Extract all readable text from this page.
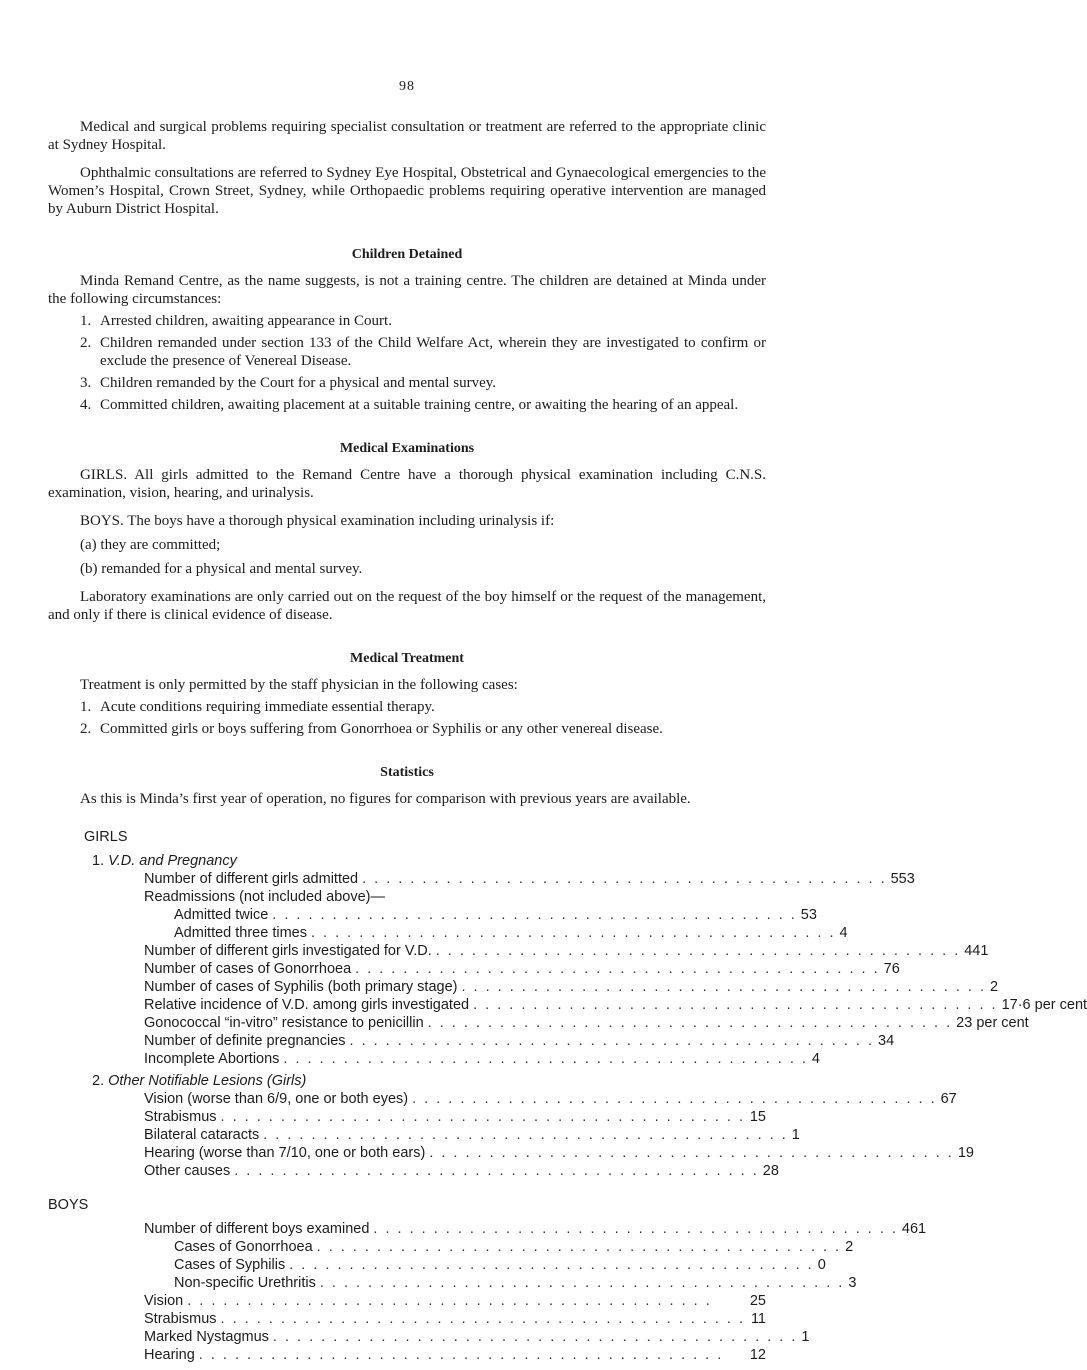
98

Medical and surgical problems requiring specialist consultation or treatment are referred to the appropriate clinic at Sydney Hospital.

Ophthalmic consultations are referred to Sydney Eye Hospital, Obstetrical and Gynaecological emergencies to the Women’s Hospital, Crown Street, Sydney, while Orthopaedic problems requiring operative intervention are managed by Auburn District Hospital.

Children Detained

Minda Remand Centre, as the name suggests, is not a training centre. The children are detained at Minda under the following circumstances:

1. Arrested children, awaiting appearance in Court.
2. Children remanded under section 133 of the Child Welfare Act, wherein they are investigated to confirm or exclude the presence of Venereal Disease.
3. Children remanded by the Court for a physical and mental survey.
4. Committed children, awaiting placement at a suitable training centre, or awaiting the hearing of an appeal.
Medical Examinations

GIRLS. All girls admitted to the Remand Centre have a thorough physical examination including C.N.S. examination, vision, hearing, and urinalysis.

BOYS. The boys have a thorough physical examination including urinalysis if:

(a) they are committed;

(b) remanded for a physical and mental survey.

Laboratory examinations are only carried out on the request of the boy himself or the request of the management, and only if there is clinical evidence of disease.

Medical Treatment

Treatment is only permitted by the staff physician in the following cases:

1. Acute conditions requiring immediate essential therapy.
2. Committed girls or boys suffering from Gonorrhoea or Syphilis or any other venereal disease.
Statistics

As this is Minda’s first year of operation, no figures for comparison with previous years are available.

GIRLS
1. V.D. and Pregnancy
Number of different girls admitted . . . . . . . . . . . . . . . . . . . . . . . . . . . . . . . . . . . . . . . . . . . . 553
Readmissions (not included above)—
Admitted twice . . . . . . . . . . . . . . . . . . . . . . . . . . . . . . . . . . . . . . . . . . . . 53
Admitted three times . . . . . . . . . . . . . . . . . . . . . . . . . . . . . . . . . . . . . . . . . . . . 4
Number of different girls investigated for V.D. . . . . . . . . . . . . . . . . . . . . . . . . . . . . . . . . . . . . . . . . . . . . 441
Number of cases of Gonorrhoea . . . . . . . . . . . . . . . . . . . . . . . . . . . . . . . . . . . . . . . . . . . . 76
Number of cases of Syphilis (both primary stage) . . . . . . . . . . . . . . . . . . . . . . . . . . . . . . . . . . . . . . . . . . . . 2
Relative incidence of V.D. among girls investigated . . . . . . . . . . . . . . . . . . . . . . . . . . . . . . . . . . . . . . . . . . . . 17·6 per cent
Gonococcal “in-vitro” resistance to penicillin . . . . . . . . . . . . . . . . . . . . . . . . . . . . . . . . . . . . . . . . . . . . 23 per cent
Number of definite pregnancies . . . . . . . . . . . . . . . . . . . . . . . . . . . . . . . . . . . . . . . . . . . . 34
Incomplete Abortions . . . . . . . . . . . . . . . . . . . . . . . . . . . . . . . . . . . . . . . . . . . . 4
2. Other Notifiable Lesions (Girls)
Vision (worse than 6/9, one or both eyes) . . . . . . . . . . . . . . . . . . . . . . . . . . . . . . . . . . . . . . . . . . . . 67
Strabismus . . . . . . . . . . . . . . . . . . . . . . . . . . . . . . . . . . . . . . . . . . . . 15
Bilateral cataracts . . . . . . . . . . . . . . . . . . . . . . . . . . . . . . . . . . . . . . . . . . . . 1
Hearing (worse than 7/10, one or both ears) . . . . . . . . . . . . . . . . . . . . . . . . . . . . . . . . . . . . . . . . . . . . 19
Other causes . . . . . . . . . . . . . . . . . . . . . . . . . . . . . . . . . . . . . . . . . . . . 28
BOYS
Number of different boys examined . . . . . . . . . . . . . . . . . . . . . . . . . . . . . . . . . . . . . . . . . . . . 461
Cases of Gonorrhoea . . . . . . . . . . . . . . . . . . . . . . . . . . . . . . . . . . . . . . . . . . . . 2
Cases of Syphilis . . . . . . . . . . . . . . . . . . . . . . . . . . . . . . . . . . . . . . . . . . . . 0
Non-specific Urethritis . . . . . . . . . . . . . . . . . . . . . . . . . . . . . . . . . . . . . . . . . . . . 3
Vision . . . . . . . . . . . . . . . . . . . . . . . . . . . . . . . . . . . . . . . . . . . .	25
Strabismus . . . . . . . . . . . . . . . . . . . . . . . . . . . . . . . . . . . . . . . . . . . . 11
Marked Nystagmus . . . . . . . . . . . . . . . . . . . . . . . . . . . . . . . . . . . . . . . . . . . . 1
Hearing . . . . . . . . . . . . . . . . . . . . . . . . . . . . . . . . . . . . . . . . . . . .	12
